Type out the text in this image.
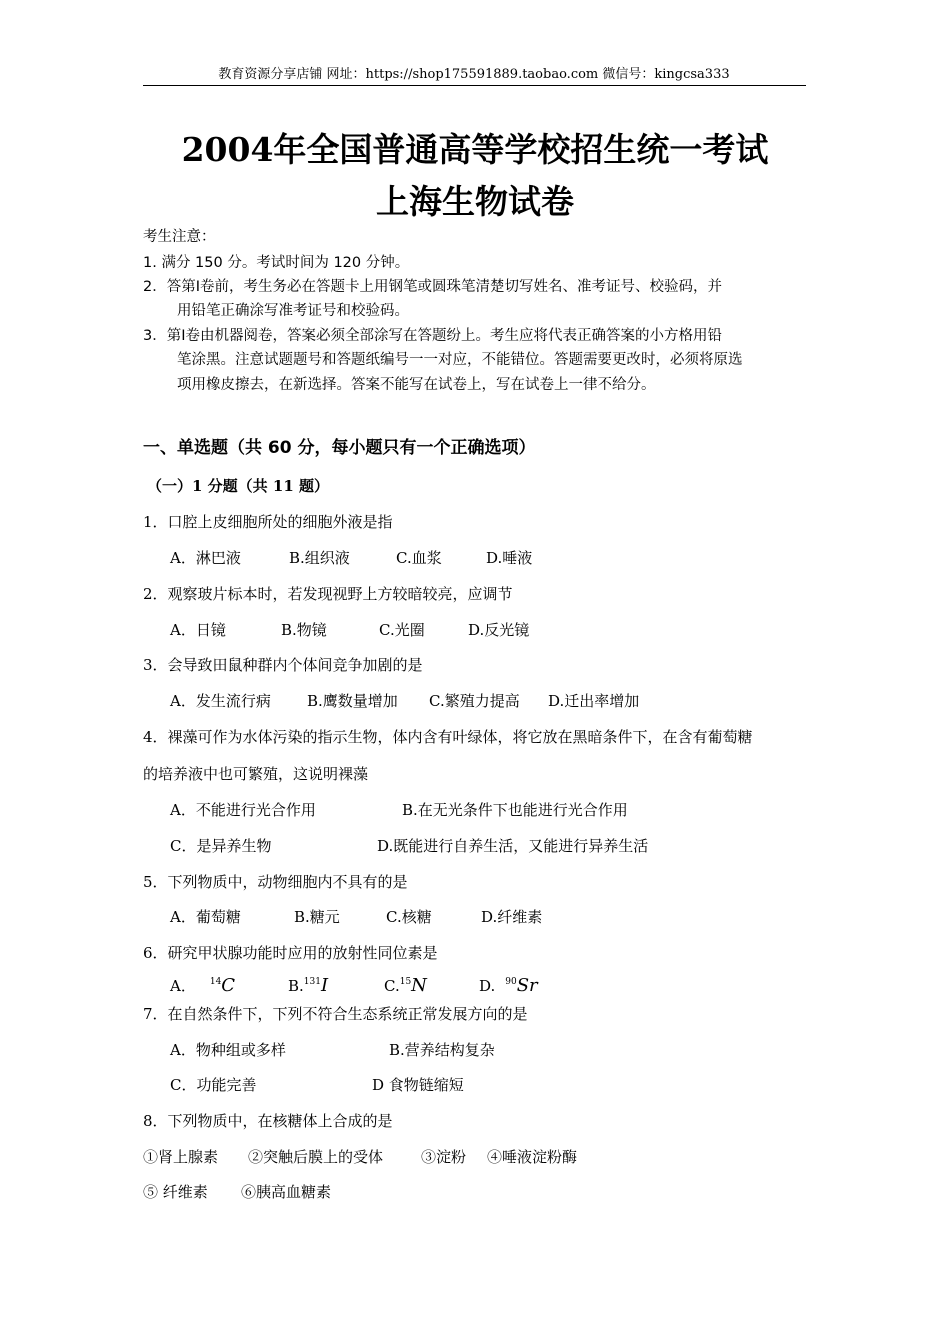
教育资源分享店铺 网址：https://shop175591889.taobao.com 微信号：kingcsa333
2004年全国普通高等学校招生统一考试
上海生物试卷
考生注意：
1. 满分 150 分。考试时间为 120 分钟。
2．答第Ⅰ卷前，考生务必在答题卡上用钢笔或圆珠笔清楚切写姓名、准考证号、校验码，并
用铅笔正确涂写准考证号和校验码。
3．第Ⅰ卷由机器阅卷，答案必须全部涂写在答题纷上。考生应将代表正确答案的小方格用铅
笔涂黑。注意试题题号和答题纸编号一一对应，不能错位。答题需要更改时，必须将原选
项用橡皮擦去，在新选择。答案不能写在试卷上，写在试卷上一律不给分。
一、单选题（共 60 分，每小题只有一个正确选项）
（一）1 分题（共 11 题）
1．口腔上皮细胞所处的细胞外液是指
A．淋巴液	B.组织液	C.血浆	D.唾液
2．观察玻片标本时，若发现视野上方较暗较亮，应调节
A．日镜	B.物镜	C.光圈	D.反光镜
3．会导致田鼠种群内个体间竞争加剧的是
A．发生流行病 B.鹰数量增加 C.繁殖力提高 D.迁出率增加
4．裸藻可作为水体污染的指示生物，体内含有叶绿体，将它放在黑暗条件下，在含有葡萄糖
的培养液中也可繁殖，这说明裸藻
A．不能进行光合作用	B.在无光条件下也能进行光合作用
C．是异养生物	D.既能进行自养生活，又能进行异养生活
5．下列物质中，动物细胞内不具有的是
A．葡萄糖	B.糖元	C.核糖	D.纤维素
6．研究甲状腺功能时应用的放射性同位素是
A． $^{14}$C	B.$^{131}$I	C.$^{15}$N	D. $^{90}$Sr
7．在自然条件下，下列不符合生态系统正常发展方向的是
A．物种组或多样	B.营养结构复杂
C．功能完善	D 食物链缩短
8．下列物质中，在核糖体上合成的是
①肾上腺素 ②突触后膜上的受体	③淀粉 ④唾液淀粉酶
⑤ 纤维素 ⑥胰高血糖素
